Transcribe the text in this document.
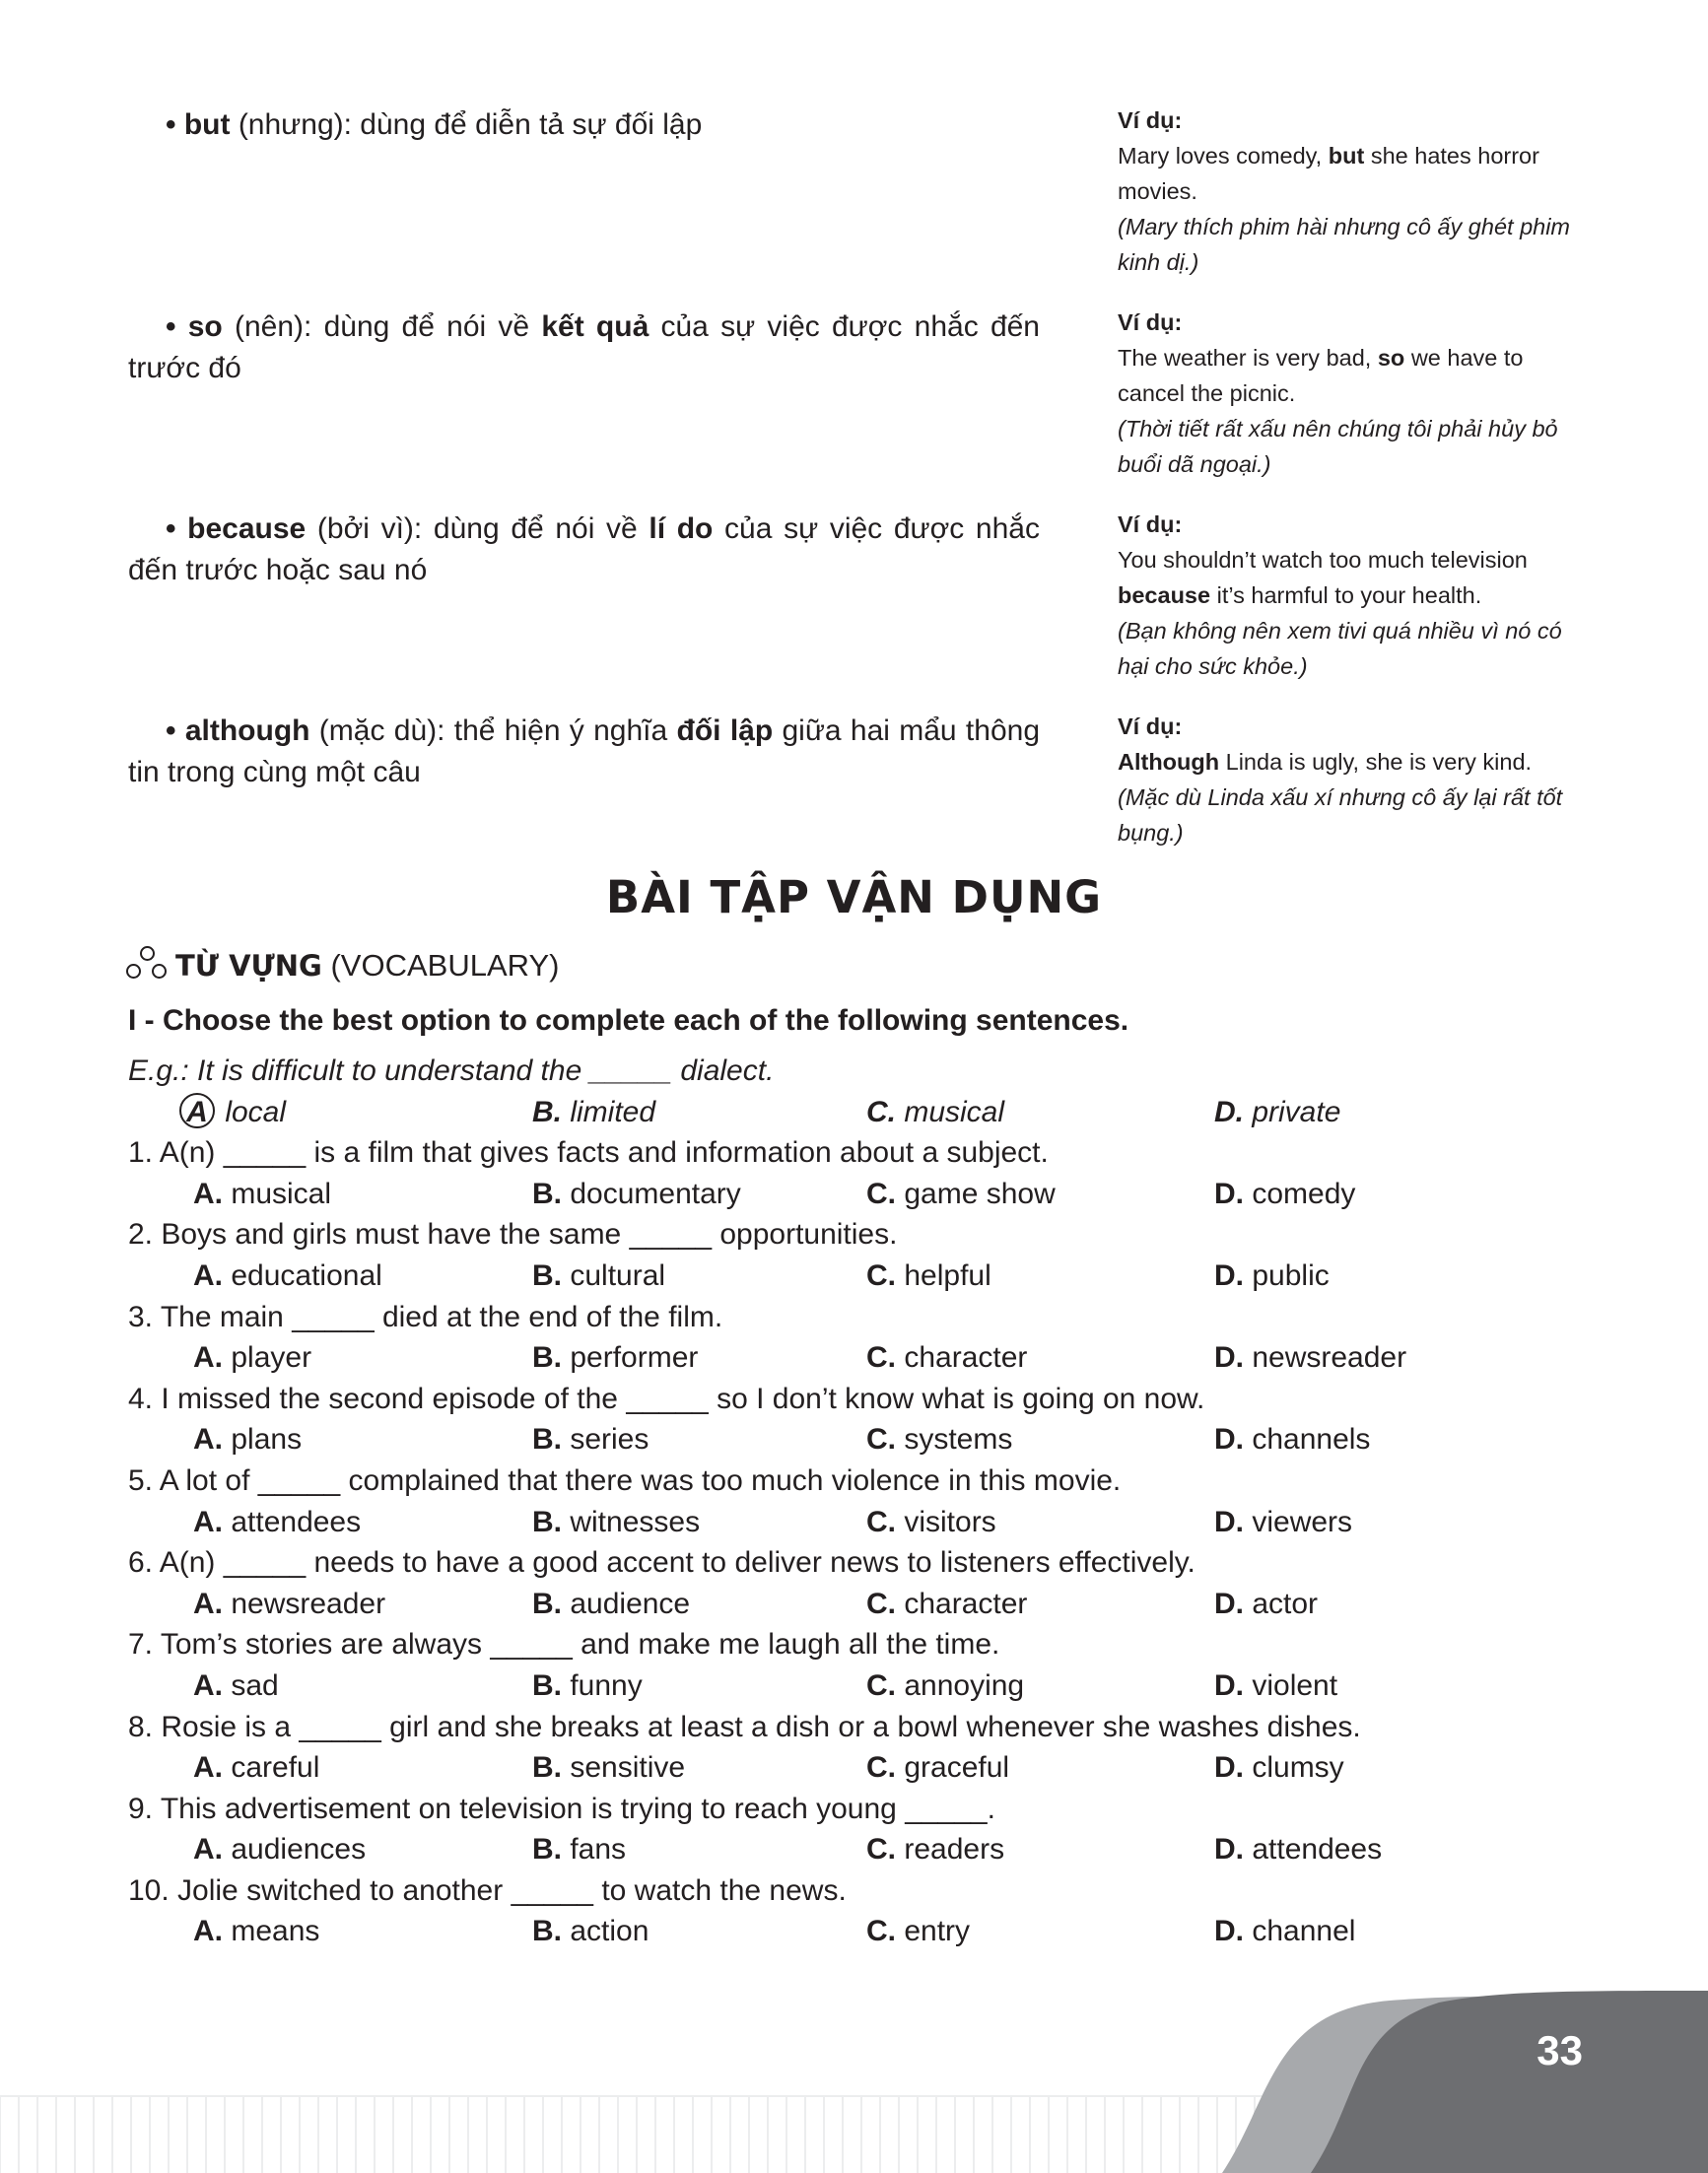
• but (nhưng): dùng để diễn tả sự đối lập	Ví dụ:
Mary loves comedy, but she hates horror movies.
(Mary thích phim hài nhưng cô ấy ghét phim kinh dị.)
• so (nên): dùng để nói về kết quả của sự việc được nhắc đến trước đó
Ví dụ:
The weather is very bad, so we have to cancel the picnic.
(Thời tiết rất xấu nên chúng tôi phải hủy bỏ buổi dã ngoại.)
• because (bởi vì): dùng để nói về lí do của sự việc được nhắc đến trước hoặc sau nó
Ví dụ:
You shouldn’t watch too much television because it’s harmful to your health.
(Bạn không nên xem tivi quá nhiều vì nó có hại cho sức khỏe.)
• although (mặc dù): thể hiện ý nghĩa đối lập giữa hai mẩu thông tin trong cùng một câu
Ví dụ:
Although Linda is ugly, she is very kind.
(Mặc dù Linda xấu xí nhưng cô ấy lại rất tốt bụng.)
BÀI TẬP VẬN DỤNG
TỪ VỰNG (VOCABULARY)
I - Choose the best option to complete each of the following sentences.
E.g.: It is difficult to understand the _____ dialect.
A local	B. limited	C. musical	D. private
1. A(n) _____ is a film that gives facts and information about a subject.
A. musical	B. documentary	C. game show	D. comedy
2. Boys and girls must have the same _____ opportunities.
A. educational	B. cultural	C. helpful	D. public
3. The main _____ died at the end of the film.
A. player	B. performer	C. character	D. newsreader
4. I missed the second episode of the _____ so I don’t know what is going on now.
A. plans	B. series	C. systems	D. channels
5. A lot of _____ complained that there was too much violence in this movie.
A. attendees	B. witnesses	C. visitors	D. viewers
6. A(n) _____ needs to have a good accent to deliver news to listeners effectively.
A. newsreader	B. audience	C. character	D. actor
7. Tom’s stories are always _____ and make me laugh all the time.
A. sad	B. funny	C. annoying	D. violent
8. Rosie is a _____ girl and she breaks at least a dish or a bowl whenever she washes dishes.
A. careful	B. sensitive	C. graceful	D. clumsy
9. This advertisement on television is trying to reach young _____.
A. audiences	B. fans	C. readers	D. attendees
10. Jolie switched to another _____ to watch the news.
A. means	B. action	C. entry	D. channel
33
